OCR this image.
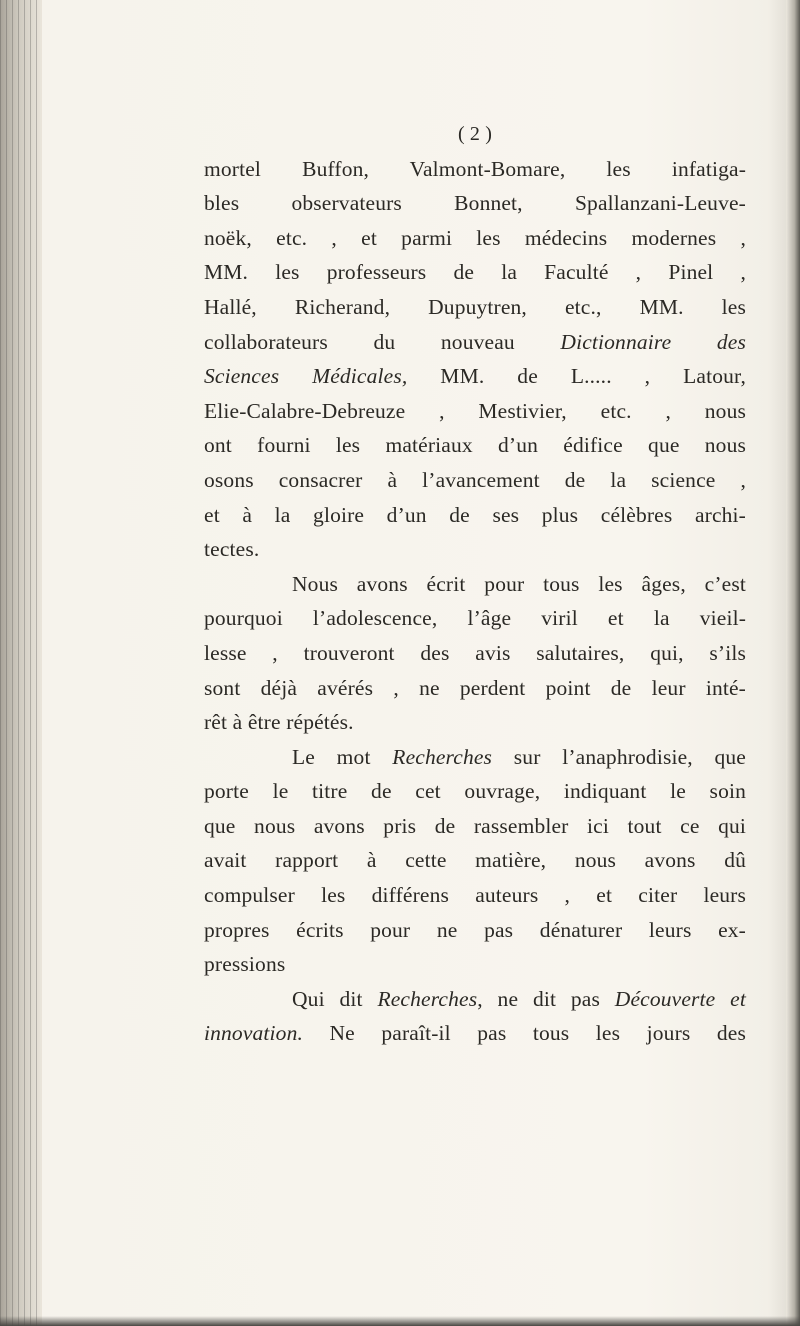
( 2 )
mortel Buffon, Valmont-Bomare, les infatiga-
bles observateurs Bonnet, Spallanzani-Leuve-
noëk, etc. , et parmi les médecins modernes ,
MM. les professeurs de la Faculté , Pinel ,
Hallé, Richerand, Dupuytren, etc., MM. les
collaborateurs du nouveau Dictionnaire des
Sciences Médicales, MM. de L..... , Latour,
Elie-Calabre-Debreuze , Mestivier, etc. , nous
ont fourni les matériaux d’un édifice que nous
osons consacrer à l’avancement de la science ,
et à la gloire d’un de ses plus célèbres archi-
tectes.
Nous avons écrit pour tous les âges, c’est
pourquoi l’adolescence, l’âge viril et la vieil-
lesse , trouveront des avis salutaires, qui, s’ils
sont déjà avérés , ne perdent point de leur inté-
rêt à être répétés.
Le mot Recherches sur l’anaphrodisie, que
porte le titre de cet ouvrage, indiquant le soin
que nous avons pris de rassembler ici tout ce qui
avait rapport à cette matière, nous avons dû
compulser les différens auteurs , et citer leurs
propres écrits pour ne pas dénaturer leurs ex-
pressions
Qui dit Recherches, ne dit pas Découverte et
innovation. Ne paraît-il pas tous les jours des
